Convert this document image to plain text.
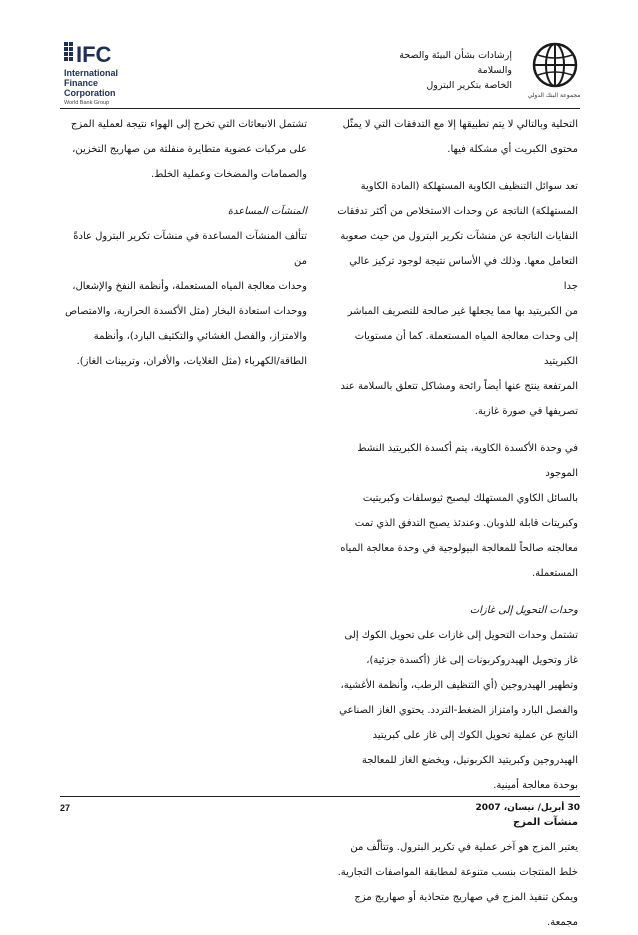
مجموعة البنك الدولي
إرشادات بشأن البيئة والصحة والسلامة
الخاصة بتكرير البترول
IFC
International
Finance
Corporation
World Bank Group

التحلية وبالتالي لا يتم تطبيقها إلا مع التدفقات التي لا يمثّل
محتوى الكبريت أي مشكلة فيها.

تعد سوائل التنظيف الكاوية المستهلكة (المادة الكاوية
المستهلكة) الناتجة عن وحدات الاستخلاص من أكثر تدفقات
النفايات الناتجة عن منشآت تكرير البترول من حيث صعوبة
التعامل معها. وذلك في الأساس نتيجة لوجود تركيز عالي جدا
من الكبريتيد بها مما يجعلها غير صالحة للتصريف المباشر
إلى وحدات معالجة المياه المستعملة. كما أن مستويات الكبريتيد
المرتفعة ينتج عنها أيضاً رائحة ومشاكل تتعلق بالسلامة عند
تصريفها في صورة غازية.

في وحدة الأكسدة الكاوية، يتم أكسدة الكبريتيد النشط الموجود
بالسائل الكاوي المستهلك ليصبح ثيوسلفات وكبريتيت
وكبريتات قابلة للذوبان. وعندئذ يصبح التدفق الذي تمت
معالجته صالحاً للمعالجة البيولوجية في وحدة معالجة المياه
المستعملة.

وحدات التحويل إلى غازات

تشتمل وحدات التحويل إلى غازات على تحويل الكوك إلى
غاز وتحويل الهيدروكربونات إلى غاز (أكسدة جزئية)،
وتطهير الهيدروجين (أي التنظيف الرطب، وأنظمة الأغشية،
والفصل البارد وامتزاز الضغط-التردد. يحتوي الغاز الصناعي
الناتج عن عملية تحويل الكوك إلى غاز على كبريتيد
الهيدروجين وكبريتيد الكربونيل، ويخضع الغاز للمعالجة
بوحدة معالجة أمينية.

منشآت المزج

يعتبر المزج هو آخر عملية في تكرير البترول. وتتألّف من
خلط المنتجات بنسب متنوعة لمطابقة المواصفات التجارية.
ويمكن تنفيذ المزج في صهاريج متحاذية أو صهاريج مزج
مجمعة.

تشتمل الانبعاثات التي تخرج إلى الهواء نتيجة لعملية المزج
على مركبات عضوية متطايرة منفلتة من صهاريج التخزين،
والصمامات والمضخات وعملية الخلط.

المنشآت المساعدة

تتألف المنشآت المساعدة في منشآت تكرير البترول عادةً من
وحدات معالجة المياه المستعملة، وأنظمة النفخ والإشعال،
ووحدات استعادة البخار (مثل الأكسدة الحرارية، والامتصاص
والامتزاز، والفصل الغشائي والتكثيف البارد)، وأنظمة
الطاقة/الكهرباء (مثل الغلايات، والأفران، وتربينات الغاز).

30 أبريل/ نيسان، 2007
27
